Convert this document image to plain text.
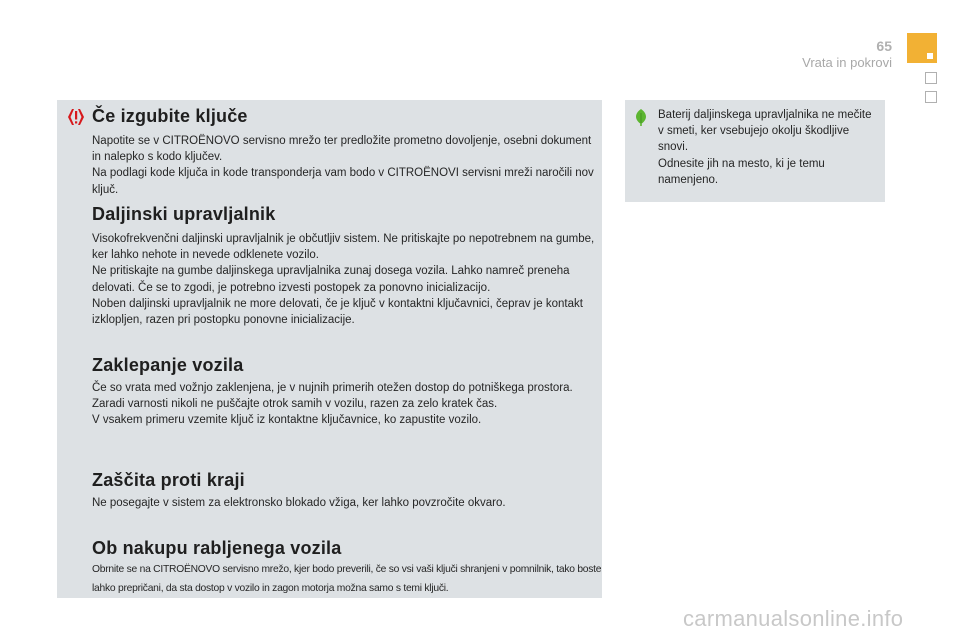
65
Vrata in pokrovi
Če izgubite ključe

Napotite se v CITROËNOVO servisno mrežo ter predložite prometno dovoljenje, osebni dokument in nalepko s kodo ključev.
Na podlagi kode ključa in kode transponderja vam bodo v CITROËNOVI servisni mreži naročili nov ključ.

Daljinski upravljalnik

Visokofrekvenčni daljinski upravljalnik je občutljiv sistem. Ne pritiskajte po nepotrebnem na gumbe, ker lahko nehote in nevede odklenete vozilo.
Ne pritiskajte na gumbe daljinskega upravljalnika zunaj dosega vozila. Lahko namreč preneha delovati. Če se to zgodi, je potrebno izvesti postopek za ponovno inicializacijo.
Noben daljinski upravljalnik ne more delovati, če je ključ v kontaktni ključavnici, čeprav je kontakt izklopljen, razen pri postopku ponovne inicializacije.

Zaklepanje vozila

Če so vrata med vožnjo zaklenjena, je v nujnih primerih otežen dostop do potniškega prostora.
Zaradi varnosti nikoli ne puščajte otrok samih v vozilu, razen za zelo kratek čas.
V vsakem primeru vzemite ključ iz kontaktne ključavnice, ko zapustite vozilo.

Zaščita proti kraji

Ne posegajte v sistem za elektronsko blokado vžiga, ker lahko povzročite okvaro.

Ob nakupu rabljenega vozila

Obrnite se na CITROËNOVO servisno mrežo, kjer bodo preverili, če so vsi vaši ključi shranjeni v pomnilnik, tako boste lahko prepričani, da sta dostop v vozilo in zagon motorja možna samo s temi ključi.

Baterij daljinskega upravljalnika ne mečite v smeti, ker vsebujejo okolju škodljive snovi.
Odnesite jih na mesto, ki je temu namenjeno.

carmanualsonline.info
